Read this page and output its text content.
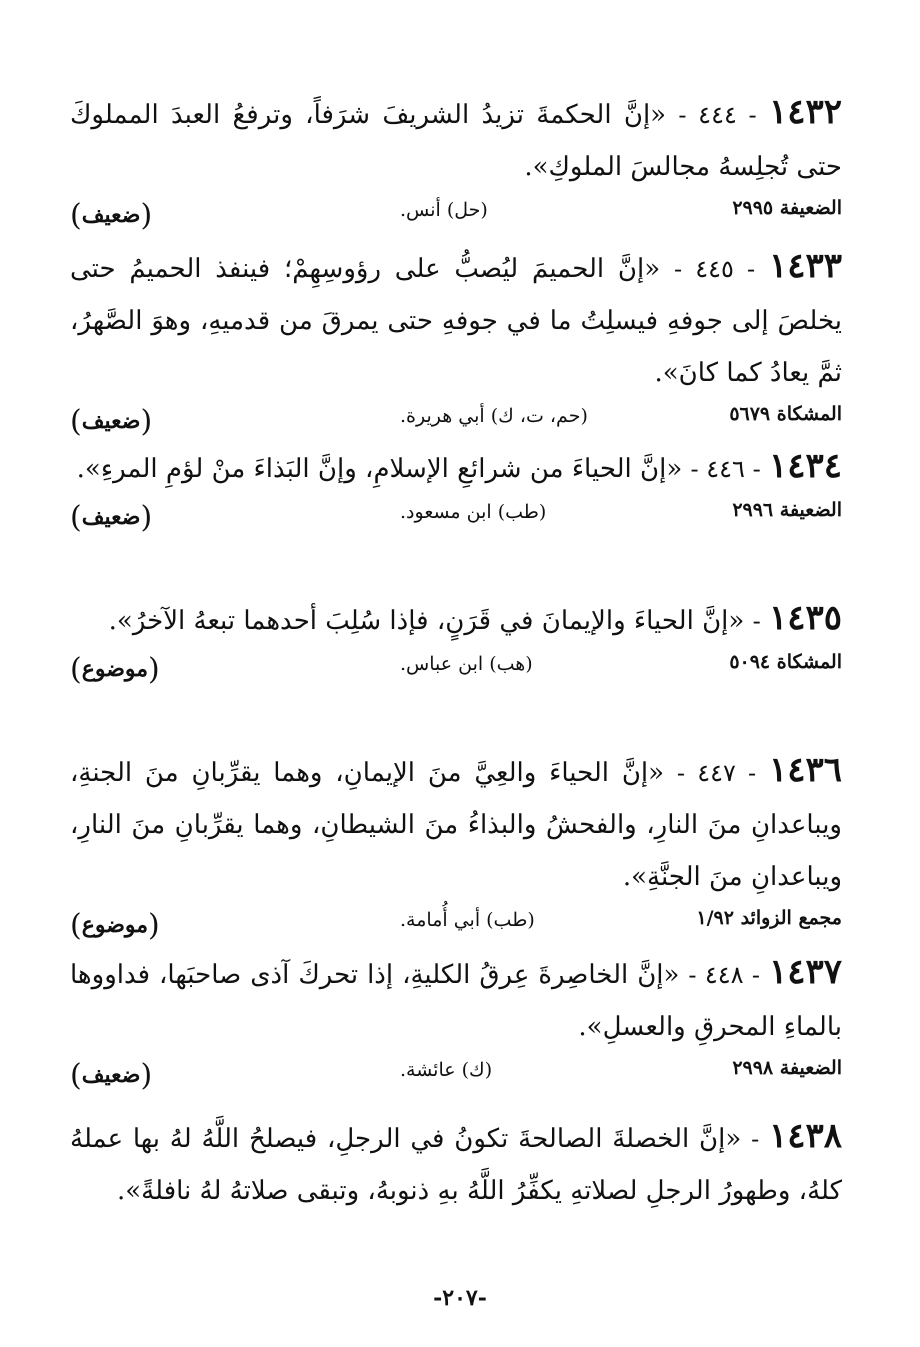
١٤٣٢ - ٤٤٤ - «إنَّ الحكمةَ تزيدُ الشريفَ شرَفاً، وترفعُ العبدَ المملوكَ حتى تُجلِسهُ مجالسَ الملوكِ».

الضعيفة ٢٩٩٥
(حل) أنس.
(ضعيف)

١٤٣٣ - ٤٤٥ - «إنَّ الحميمَ ليُصبُّ على رؤوسِهِمْ؛ فينفذ الحميمُ حتى يخلصَ إلى جوفهِ فيسلِتُ ما في جوفهِ حتى يمرقَ من قدميهِ، وهوَ الصَّهرُ، ثمَّ يعادُ كما كانَ».

المشكاة ٥٦٧٩
(حم، ت، ك) أبي هريرة.
(ضعيف)

١٤٣٤ - ٤٤٦ - «إنَّ الحياءَ من شرائعِ الإسلامِ، وإنَّ البَذاءَ منْ لؤمِ المرءِ».

الضعيفة ٢٩٩٦
(طب) ابن مسعود.
(ضعيف)

١٤٣٥ - «إنَّ الحياءَ والإيمانَ في قَرَنٍ، فإذا سُلِبَ أحدهما تبعهُ الآخرُ».

المشكاة ٥٠٩٤
(هب) ابن عباس.
(موضوع)

١٤٣٦ - ٤٤٧ - «إنَّ الحياءَ والعِيَّ منَ الإيمانِ، وهما يقرِّبانِ منَ الجنةِ، ويباعدانِ منَ النارِ، والفحشُ والبذاءُ منَ الشيطانِ، وهما يقرِّبانِ منَ النارِ، ويباعدانِ منَ الجنَّةِ».

مجمع الزوائد ١/٩٢
(طب) أبي أُمامة.
(موضوع)

١٤٣٧ - ٤٤٨ - «إنَّ الخاصِرةَ عِرقُ الكليةِ، إذا تحركَ آذى صاحبَها، فداووها بالماءِ المحرقِ والعسلِ».

الضعيفة ٢٩٩٨
(ك) عائشة.
(ضعيف)

١٤٣٨ - «إنَّ الخصلةَ الصالحةَ تكونُ في الرجلِ، فيصلحُ اللَّهُ لهُ بها عملهُ كلهُ، وطهورُ الرجلِ لصلاتهِ يكفِّرُ اللَّهُ بهِ ذنوبهُ، وتبقى صلاتهُ لهُ نافلةً».

-٢٠٧-
